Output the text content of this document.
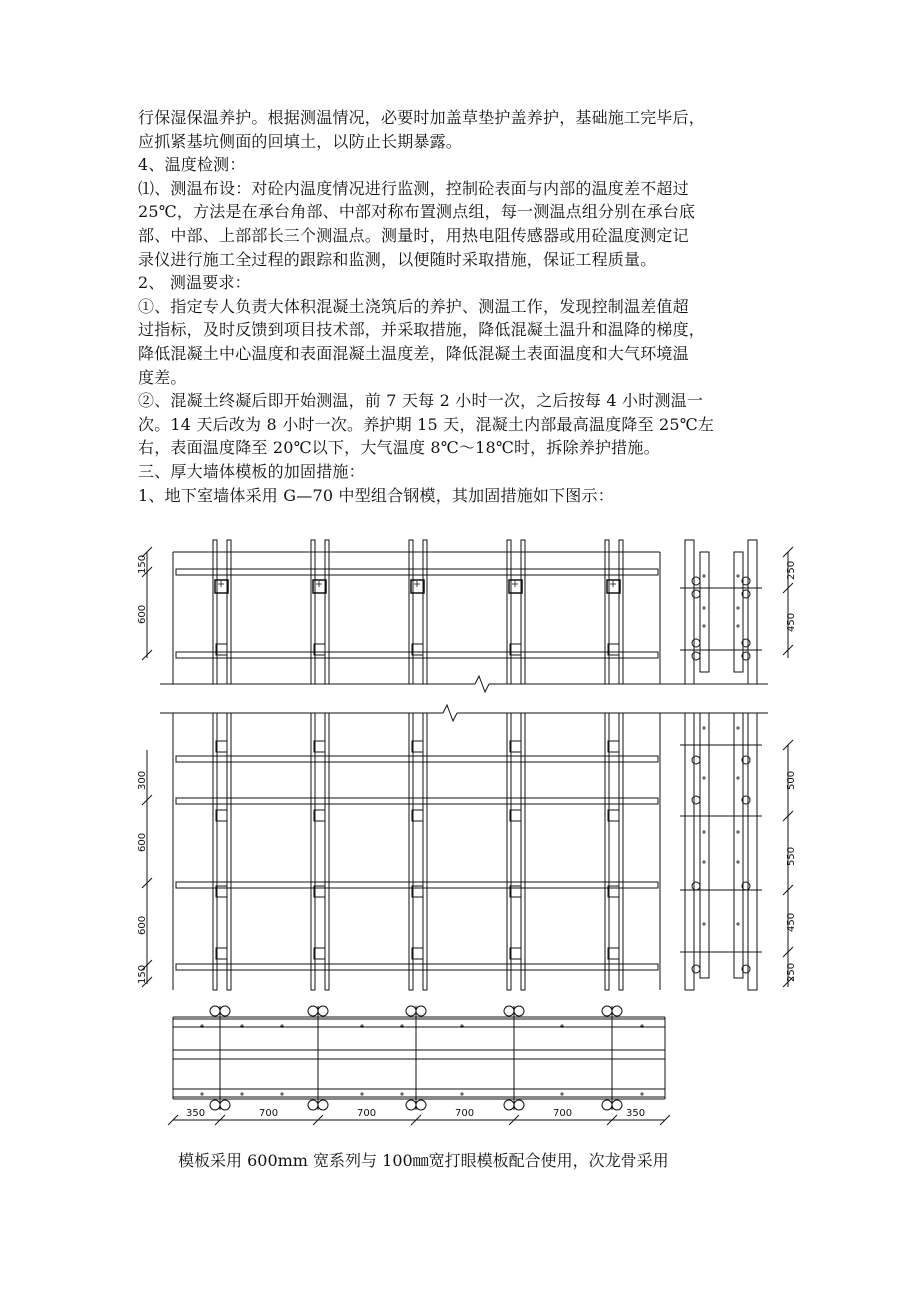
行保湿保温养护。根据测温情况，必要时加盖草垫护盖养护，基础施工完毕后，
应抓紧基坑侧面的回填土，以防止长期暴露。
4、温度检测：
⑴、测温布设：对砼内温度情况进行监测，控制砼表面与内部的温度差不超过
25℃，方法是在承台角部、中部对称布置测点组，每一测温点组分别在承台底
部、中部、上部部长三个测温点。测量时，用热电阻传感器或用砼温度测定记
录仪进行施工全过程的跟踪和监测，以便随时采取措施，保证工程质量。
2、 测温要求：
①、指定专人负责大体积混凝土浇筑后的养护、测温工作，发现控制温差值超
过指标，及时反馈到项目技术部，并采取措施，降低混凝土温升和温降的梯度，
降低混凝土中心温度和表面混凝土温度差，降低混凝土表面温度和大气环境温
度差。
②、混凝土终凝后即开始测温，前 7 天每 2 小时一次，之后按每 4 小时测温一
次。14 天后改为 8 小时一次。养护期 15 天，混凝土内部最高温度降至 25℃左
右，表面温度降至 20℃以下，大气温度 8℃～18℃时，拆除养护措施。
三、厚大墙体模板的加固措施：
1、地下室墙体采用 G—70 中型组合钢模，其加固措施如下图示：
150
600
300
600
600
150
250
450
500
550
450
250
350	700	700	700	700	350
模板采用 600mm 宽系列与 100㎜宽打眼模板配合使用，次龙骨采用
